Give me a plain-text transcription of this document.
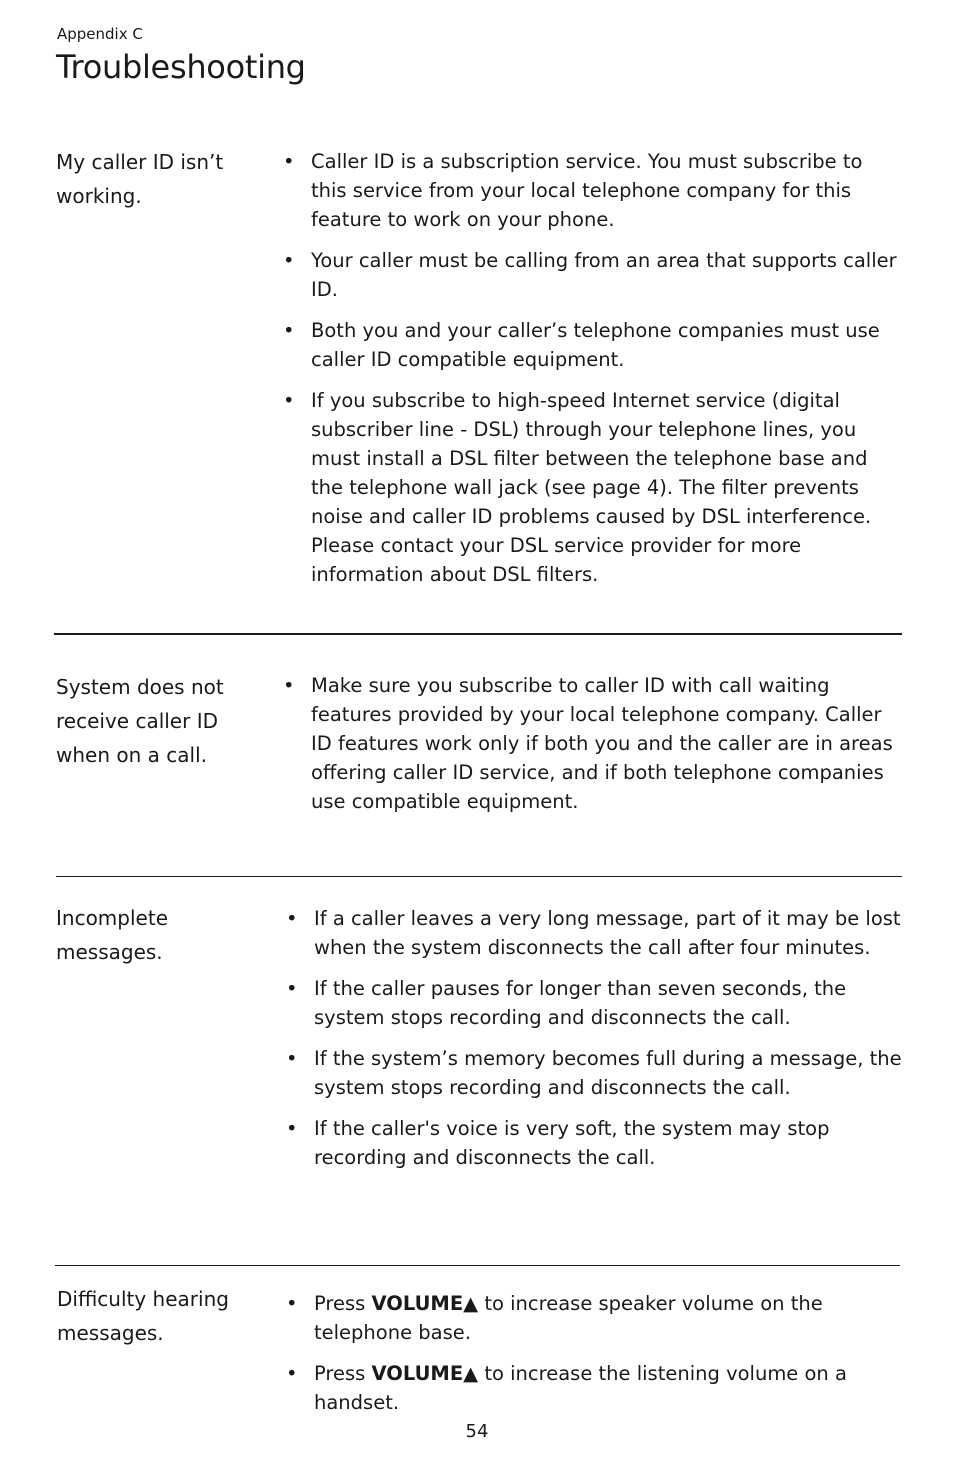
Appendix C
Troubleshooting
My caller ID isn’t working.
• Caller ID is a subscription service. You must subscribe to this service from your local telephone company for this feature to work on your phone.
• Your caller must be calling from an area that supports caller ID.
• Both you and your caller’s telephone companies must use caller ID compatible equipment.
• If you subscribe to high-speed Internet service (digital subscriber line - DSL) through your telephone lines, you must install a DSL filter between the telephone base and the telephone wall jack (see page 4). The filter prevents noise and caller ID problems caused by DSL interference. Please contact your DSL service provider for more information about DSL filters.
System does not receive caller ID when on a call.
• Make sure you subscribe to caller ID with call waiting features provided by your local telephone company. Caller ID features work only if both you and the caller are in areas offering caller ID service, and if both telephone companies use compatible equipment.
Incomplete messages.
• If a caller leaves a very long message, part of it may be lost when the system disconnects the call after four minutes.
• If the caller pauses for longer than seven seconds, the system stops recording and disconnects the call.
• If the system’s memory becomes full during a message, the system stops recording and disconnects the call.
• If the caller's voice is very soft, the system may stop recording and disconnects the call.
Difficulty hearing messages.
• Press VOLUME▲ to increase speaker volume on the telephone base.
• Press VOLUME▲ to increase the listening volume on a handset.
54
